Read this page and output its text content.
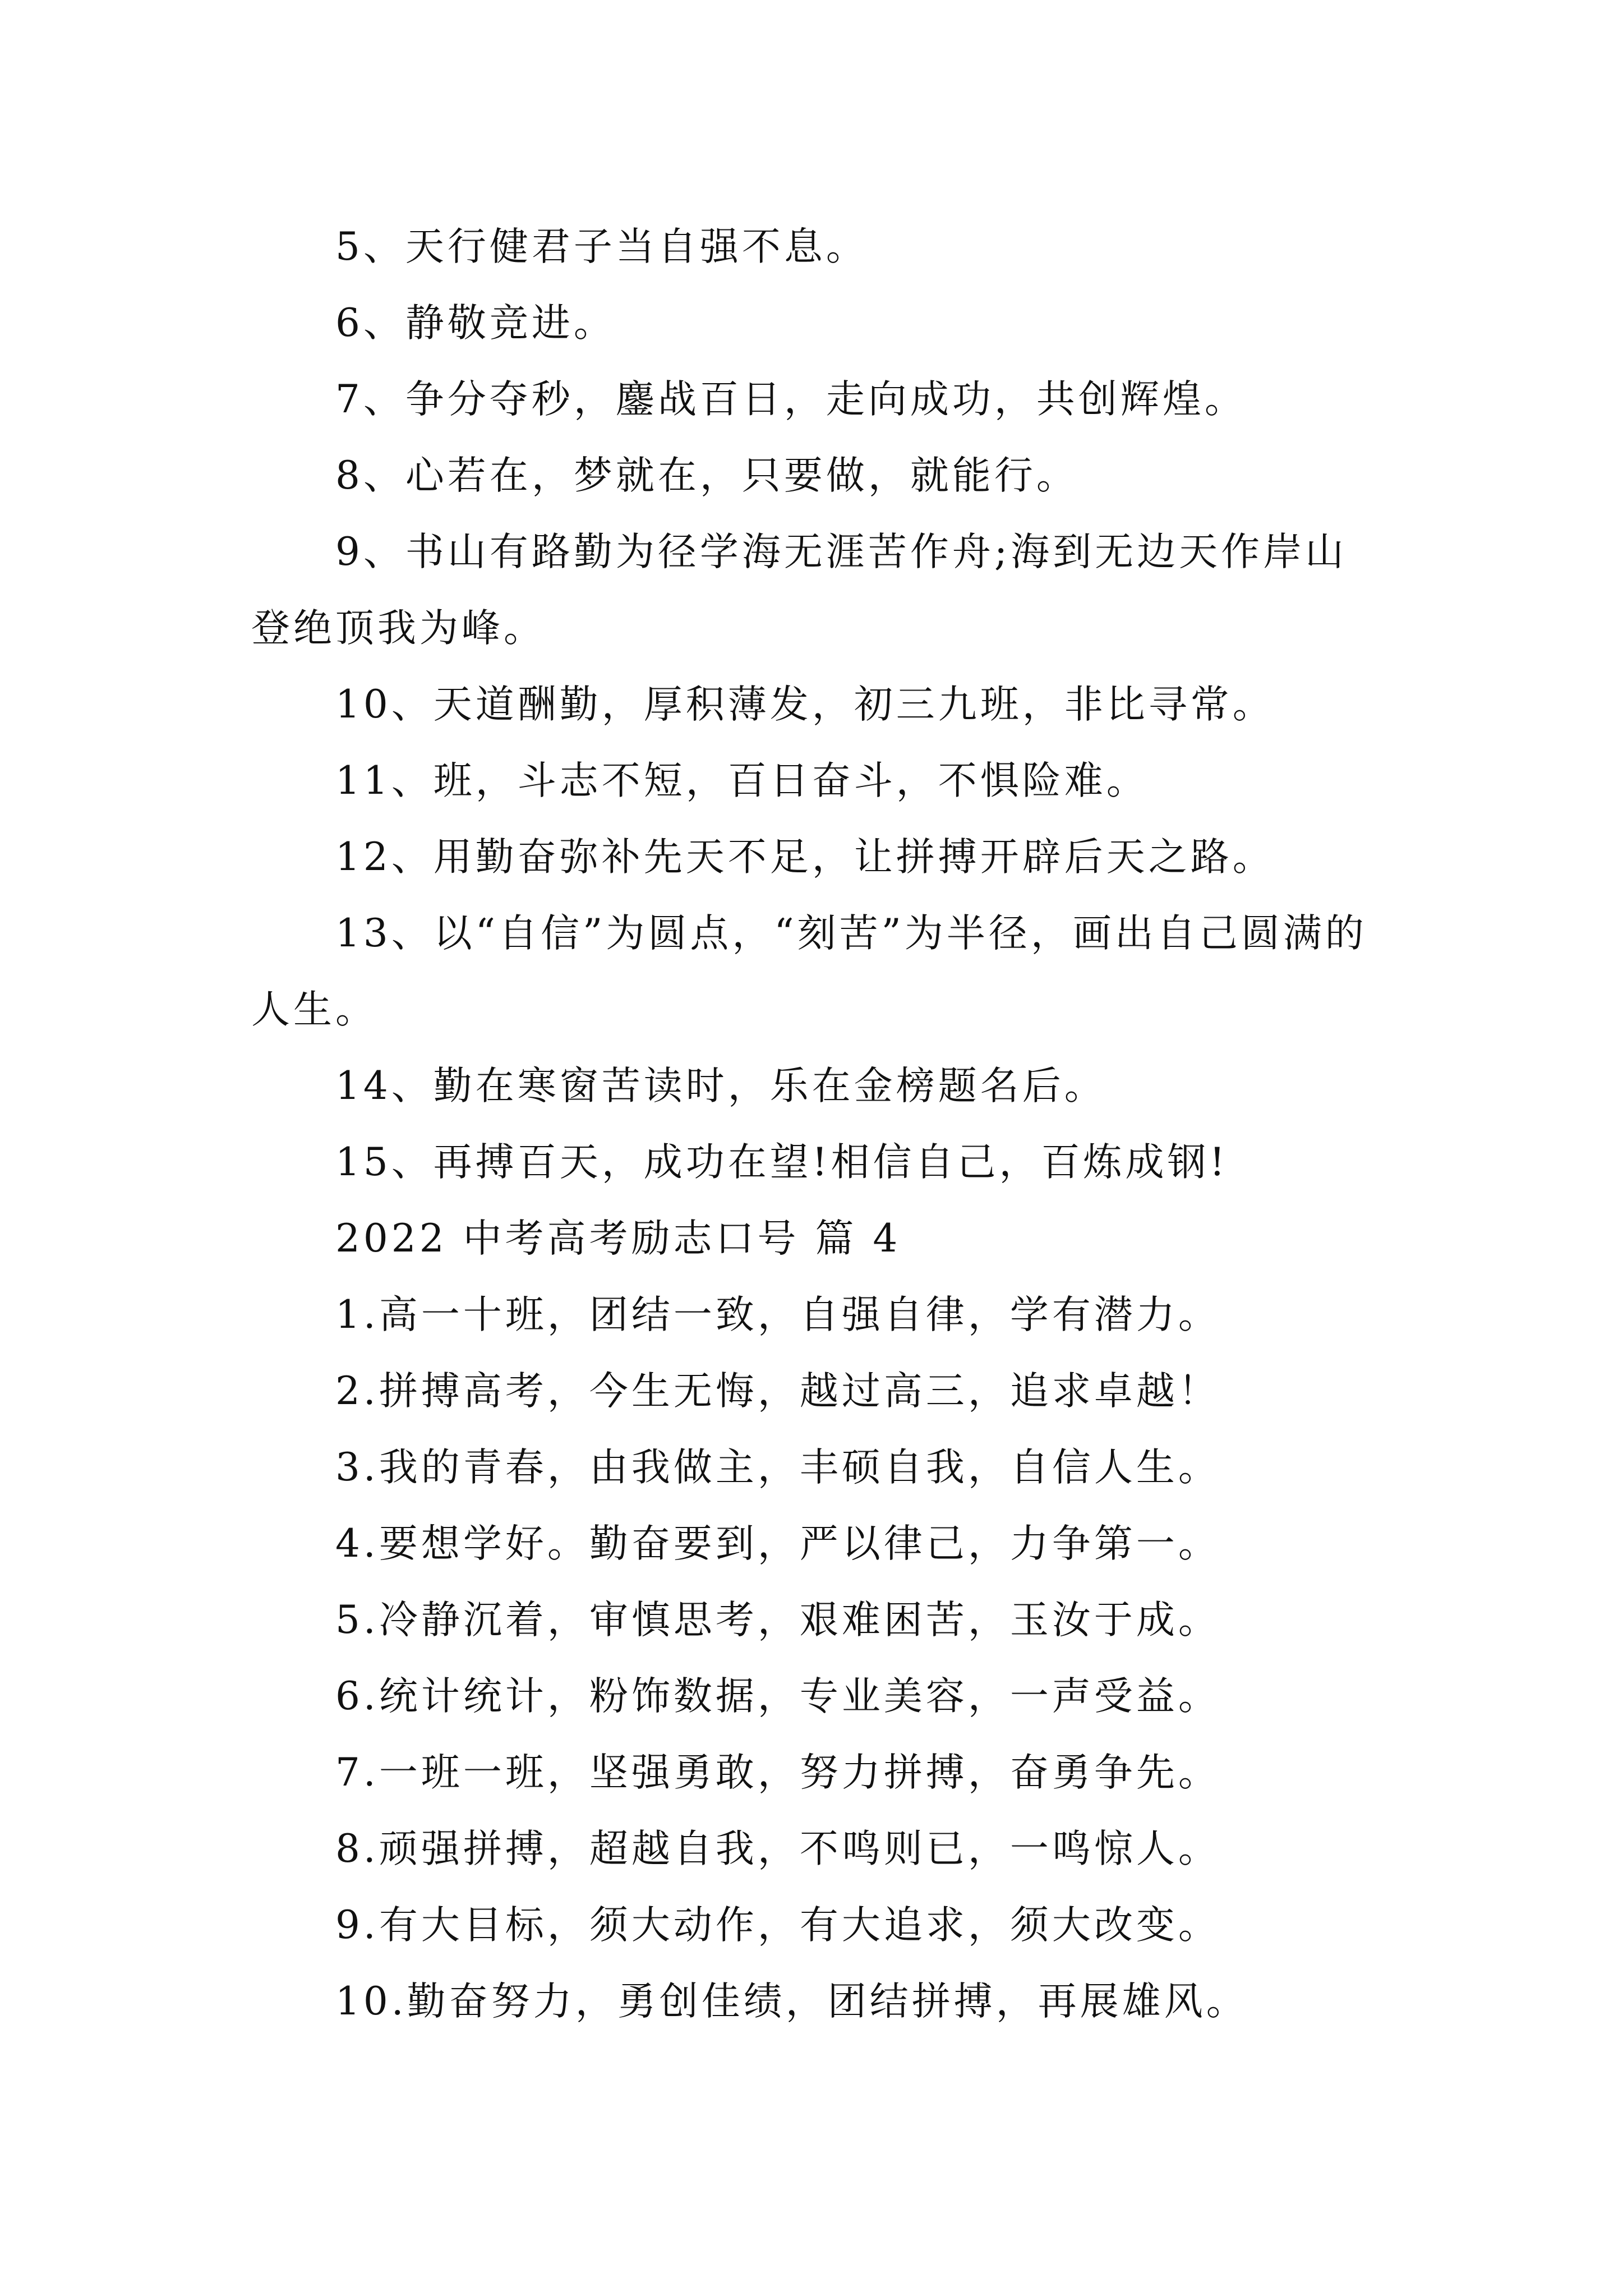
5、天行健君子当自强不息。

6、静敬竞进。

7、争分夺秒，鏖战百日，走向成功，共创辉煌。

8、心若在，梦就在，只要做，就能行。

9、书山有路勤为径学海无涯苦作舟;海到无边天作岸山登绝顶我为峰。

10、天道酬勤，厚积薄发，初三九班，非比寻常。

11、班，斗志不短，百日奋斗，不惧险难。

12、用勤奋弥补先天不足，让拼搏开辟后天之路。

13、以“自信”为圆点，“刻苦”为半径，画出自己圆满的人生。

14、勤在寒窗苦读时，乐在金榜题名后。

15、再搏百天，成功在望!相信自己，百炼成钢!

2022 中考高考励志口号 篇 4

1.高一十班，团结一致，自强自律，学有潜力。

2.拼搏高考，今生无悔，越过高三，追求卓越！

3.我的青春，由我做主，丰硕自我，自信人生。

4.要想学好。勤奋要到，严以律己，力争第一。

5.冷静沉着，审慎思考，艰难困苦，玉汝于成。

6.统计统计，粉饰数据，专业美容，一声受益。

7.一班一班，坚强勇敢，努力拼搏，奋勇争先。

8.顽强拼搏，超越自我，不鸣则已，一鸣惊人。

9.有大目标，须大动作，有大追求，须大改变。

10.勤奋努力，勇创佳绩，团结拼搏，再展雄风。
